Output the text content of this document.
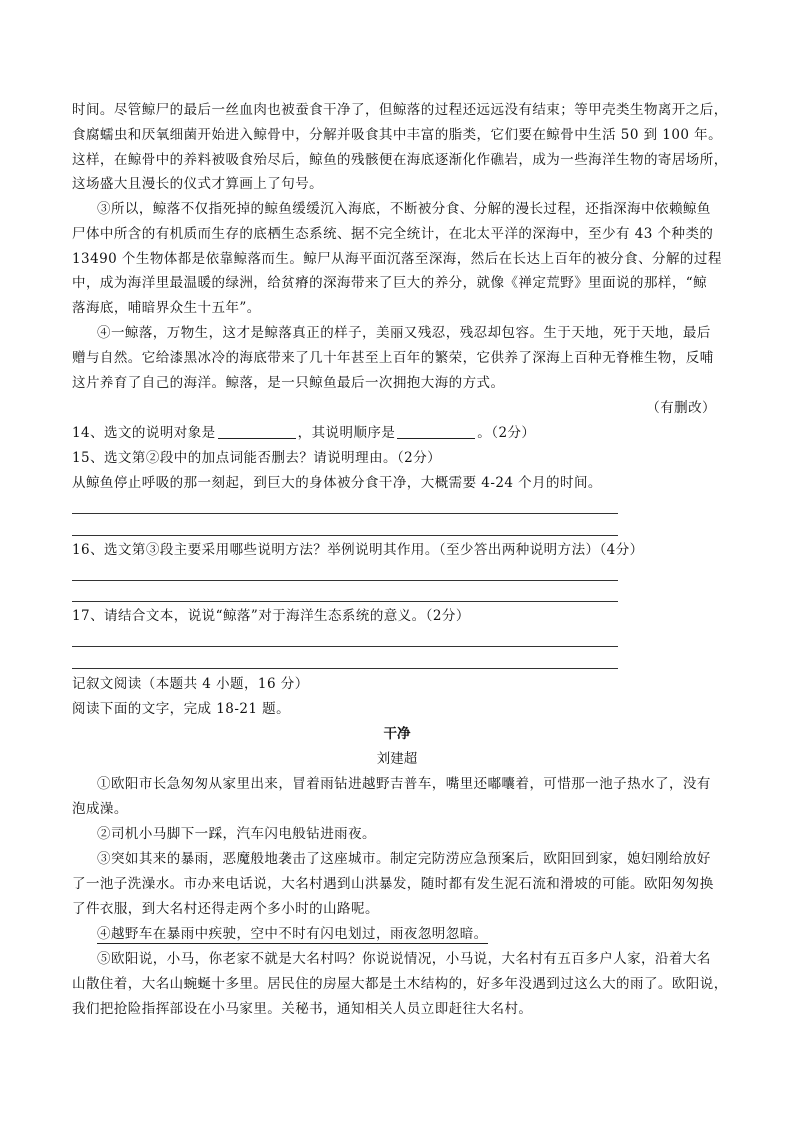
时间。尽管鲸尸的最后一丝血肉也被蚕食干净了，但鲸落的过程还远远没有结束；等甲壳类生物离开之后，
食腐蠕虫和厌氧细菌开始进入鲸骨中，分解并吸食其中丰富的脂类，它们要在鲸骨中生活 50 到 100 年。
这样，在鲸骨中的养料被吸食殆尽后，鲸鱼的残骸便在海底逐渐化作礁岩，成为一些海洋生物的寄居场所，
这场盛大且漫长的仪式才算画上了句号。
③所以，鲸落不仅指死掉的鲸鱼缓缓沉入海底，不断被分食、分解的漫长过程，还指深海中依赖鲸鱼
尸体中所含的有机质而生存的底栖生态系统、据不完全统计，在北太平洋的深海中，至少有 43 个种类的
13490 个生物体都是依靠鲸落而生。鲸尸从海平面沉落至深海，然后在长达上百年的被分食、分解的过程
中，成为海洋里最温暖的绿洲，给贫瘠的深海带来了巨大的养分，就像《禅定荒野》里面说的那样，“鲸
落海底，哺暗界众生十五年”。
④一鲸落，万物生，这才是鲸落真正的样子，美丽又残忍，残忍却包容。生于天地，死于天地，最后
赠与自然。它给漆黑冰冷的海底带来了几十年甚至上百年的繁荣，它供养了深海上百种无脊椎生物，反哺
这片养育了自己的海洋。鲸落，是一只鲸鱼最后一次拥抱大海的方式。
（有删改）
14、选文的说明对象是	，其说明顺序是	。（2分）
15、选文第②段中的加点词能否删去？请说明理由。（2分）
从鲸鱼停止呼吸的那一刻起，到巨大的身体被分食干净，大概需要 4-24 个月的时间。
16、选文第③段主要采用哪些说明方法？举例说明其作用。（至少答出两种说明方法）（4分）
17、请结合文本，说说“鲸落”对于海洋生态系统的意义。（2分）
记叙文阅读（本题共 4 小题，16 分）
阅读下面的文字，完成 18-21 题。
干净
刘建超
①欧阳市长急匆匆从家里出来，冒着雨钻进越野吉普车，嘴里还嘟囔着，可惜那一池子热水了，没有
泡成澡。
②司机小马脚下一踩，汽车闪电般钻进雨夜。
③突如其来的暴雨，恶魔般地袭击了这座城市。制定完防涝应急预案后，欧阳回到家，媳妇刚给放好
了一池子洗澡水。市办来电话说，大名村遇到山洪暴发，随时都有发生泥石流和滑坡的可能。欧阳匆匆换
了件衣服，到大名村还得走两个多小时的山路呢。
④越野车在暴雨中疾驶，空中不时有闪电划过，雨夜忽明忽暗。
⑤欧阳说，小马，你老家不就是大名村吗？你说说情况，小马说，大名村有五百多户人家，沿着大名
山散住着，大名山蜿蜒十多里。居民住的房屋大都是土木结构的，好多年没遇到过这么大的雨了。欧阳说，
我们把抢险指挥部设在小马家里。关秘书，通知相关人员立即赶往大名村。
